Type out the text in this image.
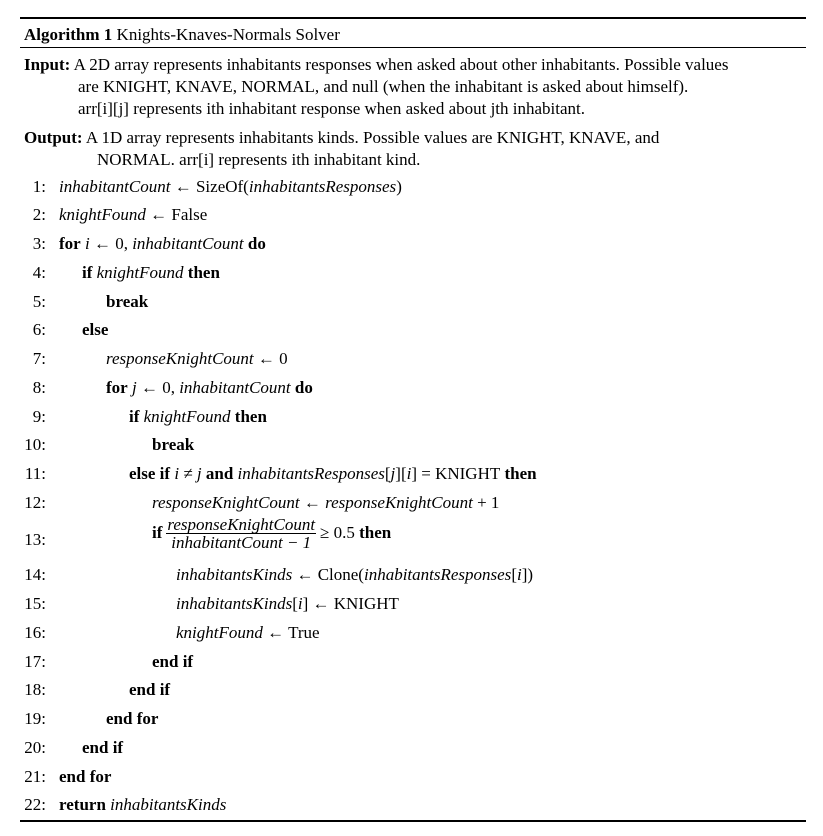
Algorithm 1 Knights-Knaves-Normals Solver
Input: A 2D array represents inhabitants responses when asked about other inhabitants. Possible values
are KNIGHT, KNAVE, NORMAL, and null (when the inhabitant is asked about himself).
arr[i][j] represents ith inhabitant response when asked about jth inhabitant.
Output: A 1D array represents inhabitants kinds. Possible values are KNIGHT, KNAVE, and
NORMAL. arr[i] represents ith inhabitant kind.
1: inhabitantCount ← SizeOf(inhabitantsResponses)
2: knightFound ← False
3: for i ← 0, inhabitantCount do
4: if knightFound then
5:	break
6: else
7:	responseKnightCount ← 0
8:	for j ← 0, inhabitantCount do
9:	if knightFound then
10:	break
11:	else if i ≠ j and inhabitantsResponses[j][i] = KNIGHT then
12:	responseKnightCount ← responseKnightCount + 1
13:	if $\frac{\text{responseKnightCount}}{\text{inhabitantCount − 1}} \ge 0.5$ then
14:	inhabitantsKinds ← Clone(inhabitantsResponses[i])
15:	inhabitantsKinds[i] ← KNIGHT
16:	knightFound ← True
17:	end if
18:	end if
19:	end for
20: end if
21: end for
22: return inhabitantsKinds
